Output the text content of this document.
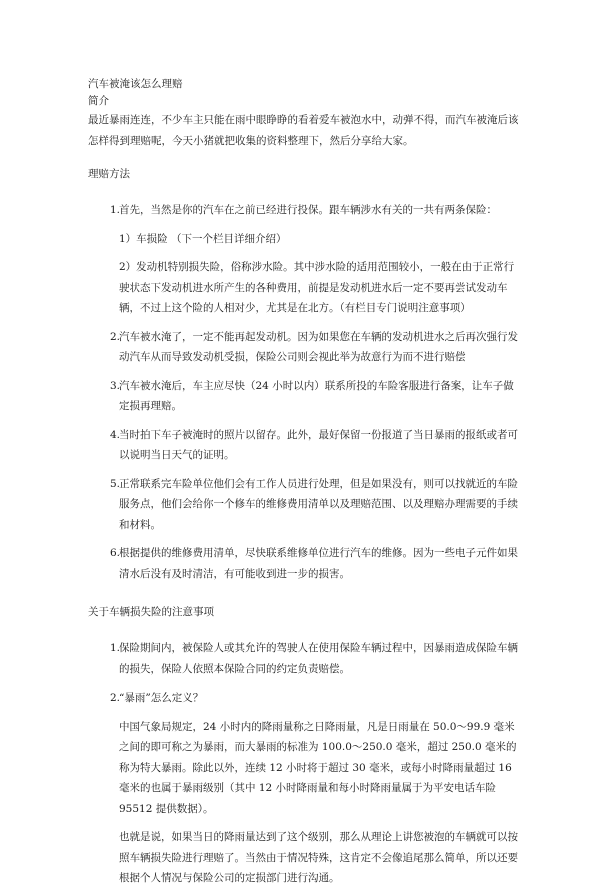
汽车被淹该怎么理赔

简介

最近暴雨连连，不少车主只能在雨中眼睁睁的看着爱车被泡水中，动弹不得，而汽车被淹后该怎样得到理赔呢，今天小猪就把收集的资料整理下，然后分享给大家。

理赔方法

1.
首先，当然是你的汽车在之前已经进行投保。跟车辆涉水有关的一共有两条保险：
1）车损险 （下一个栏目详细介绍）
2）发动机特别损失险，俗称涉水险。其中涉水险的适用范围较小，一般在由于正常行驶状态下发动机进水所产生的各种费用，前提是发动机进水后一定不要再尝试发动车辆，不过上这个险的人相对少，尤其是在北方。（有栏目专门说明注意事项）
2.
汽车被水淹了，一定不能再起发动机。因为如果您在车辆的发动机进水之后再次强行发动汽车从而导致发动机受损，保险公司则会视此举为故意行为而不进行赔偿
3.
汽车被水淹后，车主应尽快（24 小时以内）联系所投的车险客服进行备案，让车子做定损再理赔。
4.
当时拍下车子被淹时的照片以留存。此外，最好保留一份报道了当日暴雨的报纸或者可以说明当日天气的证明。
5.
正常联系完车险单位他们会有工作人员进行处理，但是如果没有，则可以找就近的车险服务点，他们会给你一个修车的维修费用清单以及理赔范围、以及理赔办理需要的手续和材料。
6.
根据提供的维修费用清单，尽快联系维修单位进行汽车的维修。因为一些电子元件如果清水后没有及时清洁，有可能收到进一步的损害。

关于车辆损失险的注意事项

1.
保险期间内，被保险人或其允许的驾驶人在使用保险车辆过程中，因暴雨造成保险车辆的损失，保险人依照本保险合同的约定负责赔偿。
2.
“暴雨”怎么定义？
中国气象局规定，24 小时内的降雨量称之日降雨量，凡是日雨量在 50.0～99.9 毫米之间的即可称之为暴雨，而大暴雨的标准为 100.0～250.0 毫米，超过 250.0 毫米的称为特大暴雨。除此以外，连续 12 小时将于超过 30 毫米，或每小时降雨量超过 16 毫米的也属于暴雨级别（其中 12 小时降雨量和每小时降雨量属于为平安电话车险 95512 提供数据）。
也就是说，如果当日的降雨量达到了这个级别，那么从理论上讲您被泡的车辆就可以按照车辆损失险进行理赔了。当然由于情况特殊，这肯定不会像追尾那么简单，所以还要根据个人情况与保险公司的定损部门进行沟通。
